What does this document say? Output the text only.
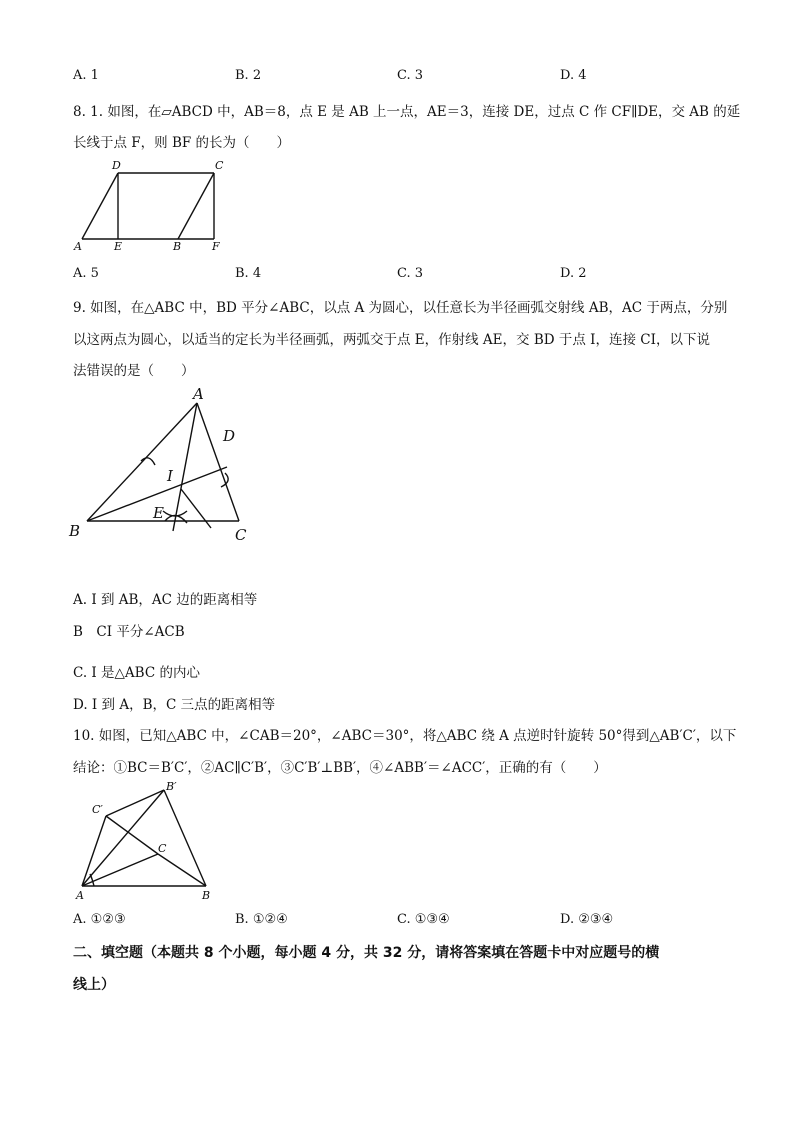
A. 1	B. 2	C. 3	D. 4
8. 1. 如图，在▱ABCD 中，AB＝8，点 E 是 AB 上一点，AE＝3，连接 DE，过点 C 作 CF∥DE，交 AB 的延
长线于点 F，则 BF 的长为（　　）
D	C
A	E	B	F
A. 5	B. 4	C. 3	D. 2
9. 如图，在△ABC 中，BD 平分∠ABC，以点 A 为圆心，以任意长为半径画弧交射线 AB，AC 于两点，分别
以这两点为圆心，以适当的定长为半径画弧，两弧交于点 E，作射线 AE，交 BD 于点 I，连接 CI，以下说
法错误的是（　　）
A
B	C
D
E
I
A. I 到 AB，AC 边的距离相等
B　CI 平分∠ACB
C. I 是△ABC 的内心
D. I 到 A，B，C 三点的距离相等
10. 如图，已知△ABC 中，∠CAB＝20°，∠ABC＝30°，将△ABC 绕 A 点逆时针旋转 50°得到△AB′C′，以下
结论：①BC＝B′C′，②AC∥C′B′，③C′B′⊥BB′，④∠ABB′＝∠ACC′，正确的有（　　）
A	B
C
B′
C′
A. ①②③	B. ①②④	C. ①③④	D. ②③④
二、填空题（本题共 8 个小题，每小题 4 分，共 32 分，请将答案填在答题卡中对应题号的横
线上）
